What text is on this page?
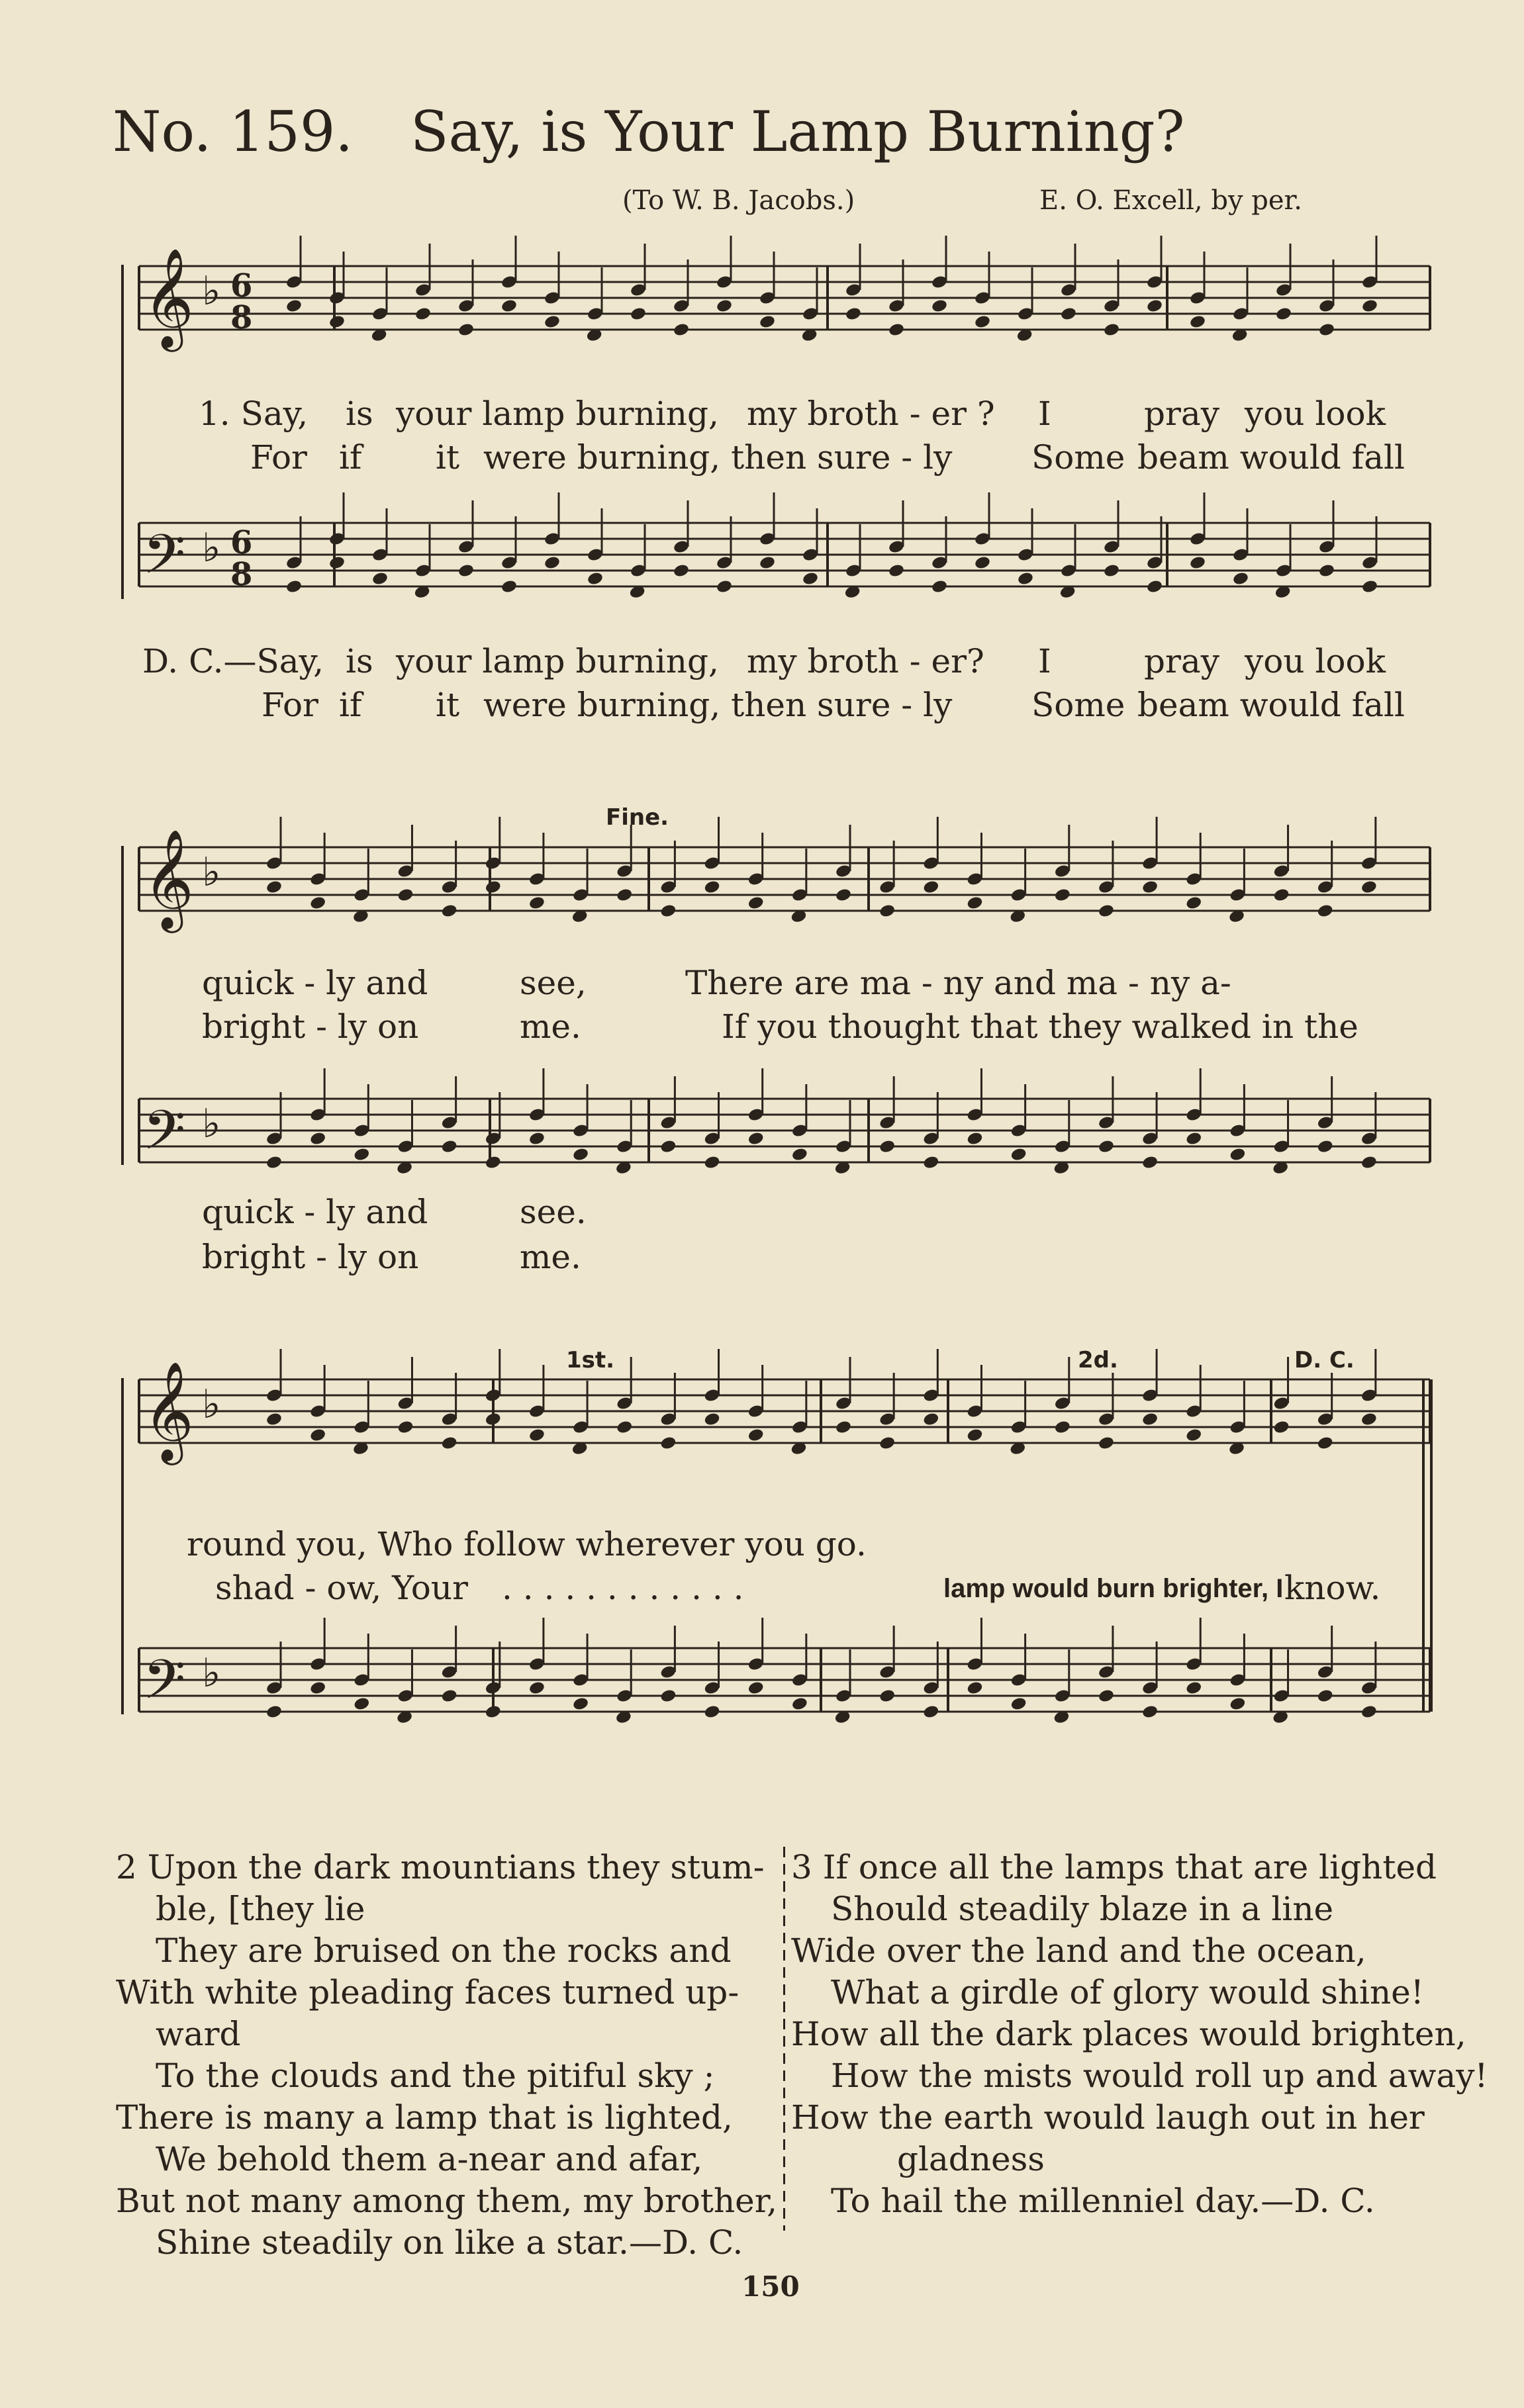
No. 159. Say, is Your Lamp Burning?
(To W. B. Jacobs.)	E. O. Excell, by per.
𝄞 ♭ 6
8
𝄢 ♭ 6
8
𝄞 ♭
𝄢 ♭
𝄞 ♭
𝄢 ♭
Fine.
1st.	2d.	D. C.
1. Say, is your lamp burning, my broth - er ? I	pray you look
For if it were burning, then sure - ly Some beam would fall
D. C.—Say, is your lamp burning, my broth - er? I	pray you look
For if it were burning, then sure - ly Some beam would fall
quick - ly and	see,	There are ma - ny and ma - ny a-
bright - ly on	me.	If you thought that they walked in the
quick - ly and	see.
bright - ly on	me.
round you, Who follow wherever you go.
shad - ow, Your . . . . . . . . . . . .	lamp would burn brighter, I know.
2 Upon the dark mountians they stum-
ble, [they lie
They are bruised on the rocks and
With white pleading faces turned up-
ward
To the clouds and the pitiful sky ;
There is many a lamp that is lighted,
We behold them a-near and afar,
But not many among them, my brother,
Shine steadily on like a star.—D. C.
3 If once all the lamps that are lighted
Should steadily blaze in a line
Wide over the land and the ocean,
What a girdle of glory would shine!
How all the dark places would brighten,
How the mists would roll up and away!
How the earth would laugh out in her
gladness
To hail the millenniel day.—D. C.
150
